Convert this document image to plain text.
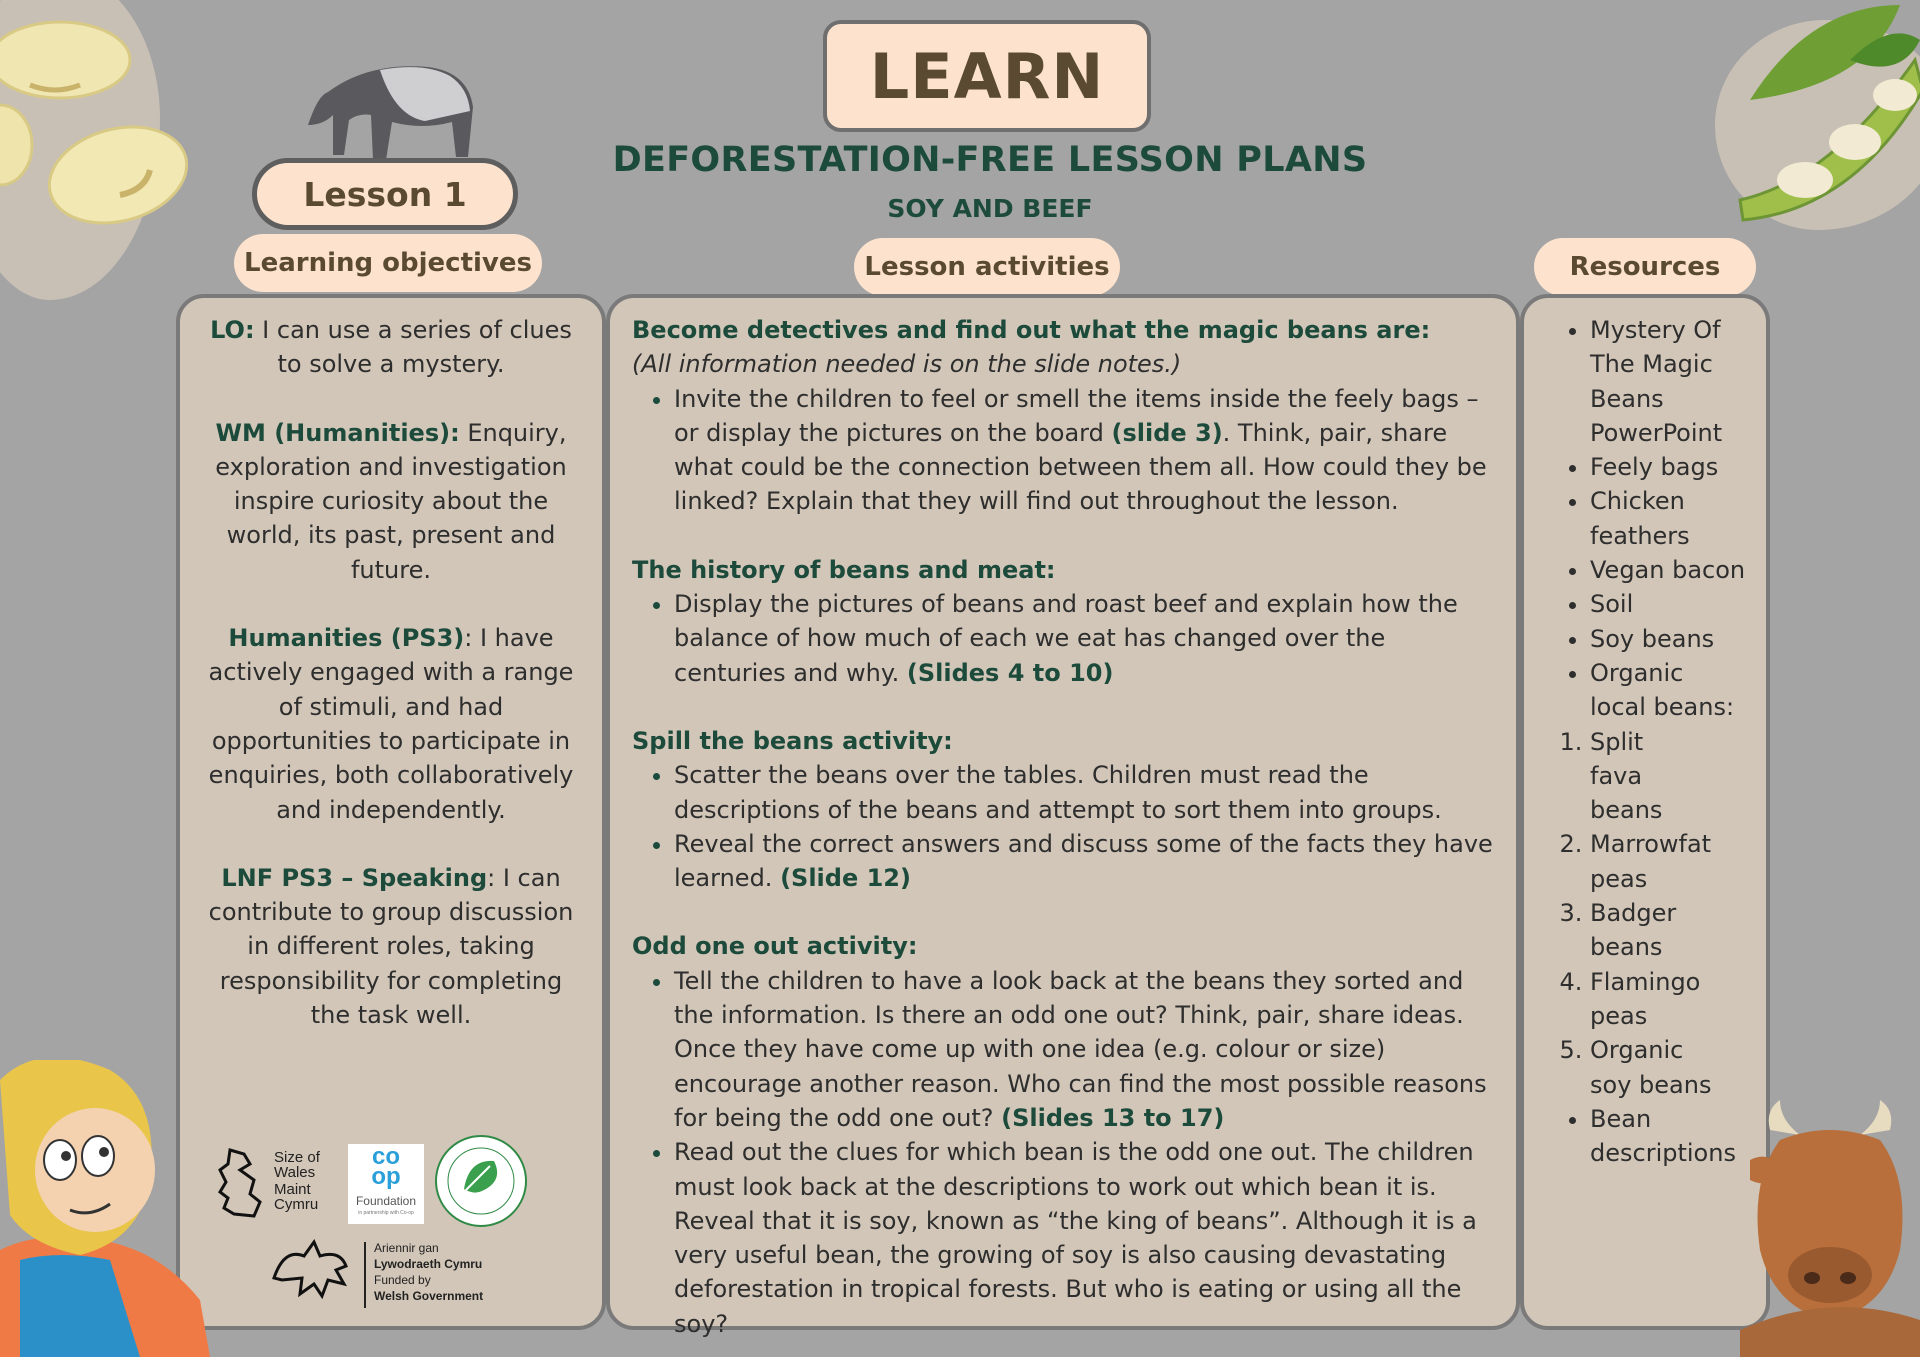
LEARN
DEFORESTATION-FREE LESSON PLANS
SOY AND BEEF
Lesson 1
Learning objectives	Lesson activities	Resources

LO: I can use a series of clues to solve a mystery.

WM (Humanities): Enquiry, exploration and investigation inspire curiosity about the world, its past, present and future.

Humanities (PS3): I have actively engaged with a range of stimuli, and had opportunities to participate in enquiries, both collaboratively and independently.

LNF PS3 – Speaking: I can contribute to group discussion in different roles, taking responsibility for completing the task well.

Size of
Wales
Maint
Cymru
co
op
Foundation
in partnership with Co-op
Ariennir gan
Lywodraeth Cymru
Funded by
Welsh Government
Become detectives and find out what the magic beans are:
(All information needed is on the slide notes.)
• Invite the children to feel or smell the items inside the feely bags – or display the pictures on the board (slide 3). Think, pair, share what could be the connection between them all. How could they be linked? Explain that they will find out throughout the lesson.
The history of beans and meat:
• Display the pictures of beans and roast beef and explain how the balance of how much of each we eat has changed over the centuries and why. (Slides 4 to 10)
Spill the beans activity:
• Scatter the beans over the tables. Children must read the descriptions of the beans and attempt to sort them into groups.
• Reveal the correct answers and discuss some of the facts they have learned. (Slide 12)
Odd one out activity:
• Tell the children to have a look back at the beans they sorted and the information. Is there an odd one out? Think, pair, share ideas. Once they have come up with one idea (e.g. colour or size) encourage another reason. Who can find the most possible reasons for being the odd one out? (Slides 13 to 17)
• Read out the clues for which bean is the odd one out. The children must look back at the descriptions to work out which bean it is. Reveal that it is soy, known as “the king of beans”. Although it is a very useful bean, the growing of soy is also causing devastating deforestation in tropical forests. But who is eating or using all the soy?
• Mystery Of The Magic Beans PowerPoint
• Feely bags
• Chicken feathers
• Vegan bacon
• Soil
• Soy beans
• Organic local beans:
1. Split fava beans
2. Marrowfat peas
3. Badger beans
4. Flamingo peas
5. Organic soy beans
• Bean descriptions
